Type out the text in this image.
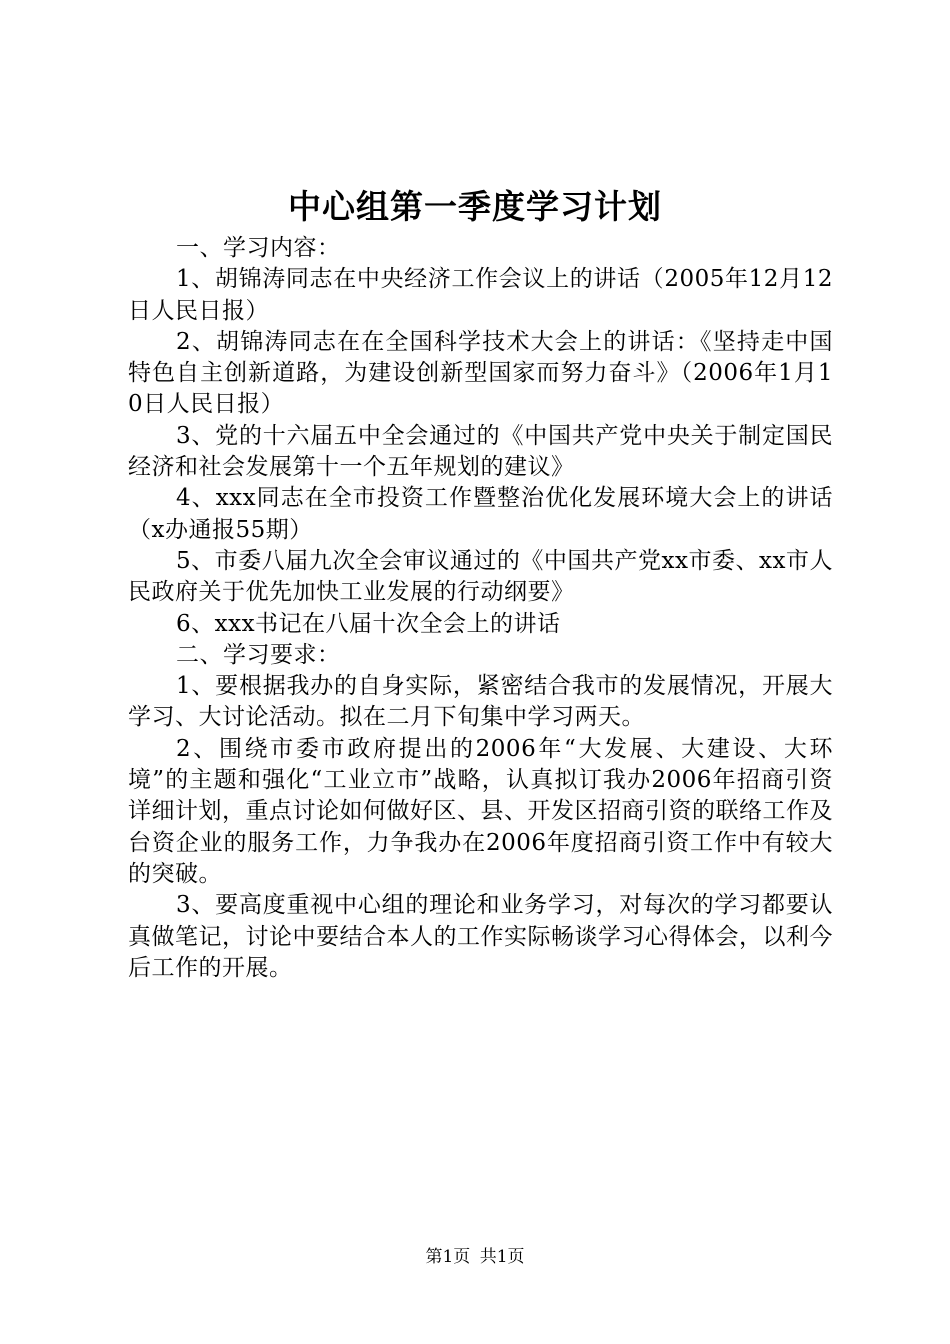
中心组第一季度学习计划

一、学习内容：

1、胡锦涛同志在中央经济工作会议上的讲话（2005年12月12日人民日报）

2、胡锦涛同志在在全国科学技术大会上的讲话：《坚持走中国特色自主创新道路，为建设创新型国家而努力奋斗》（2006年1月10日人民日报）

3、党的十六届五中全会通过的《中国共产党中央关于制定国民经济和社会发展第十一个五年规划的建议》

4、xxx同志在全市投资工作暨整治优化发展环境大会上的讲话（x办通报55期）

5、市委八届九次全会审议通过的《中国共产党xx市委、xx市人民政府关于优先加快工业发展的行动纲要》

6、xxx书记在八届十次全会上的讲话

二、学习要求：

1、要根据我办的自身实际，紧密结合我市的发展情况，开展大学习、大讨论活动。拟在二月下旬集中学习两天。

2、围绕市委市政府提出的2006年“大发展、大建设、大环境”的主题和强化“工业立市”战略，认真拟订我办2006年招商引资详细计划，重点讨论如何做好区、县、开发区招商引资的联络工作及台资企业的服务工作，力争我办在2006年度招商引资工作中有较大的突破。

3、要高度重视中心组的理论和业务学习，对每次的学习都要认真做笔记，讨论中要结合本人的工作实际畅谈学习心得体会，以利今后工作的开展。

第1页 共1页
